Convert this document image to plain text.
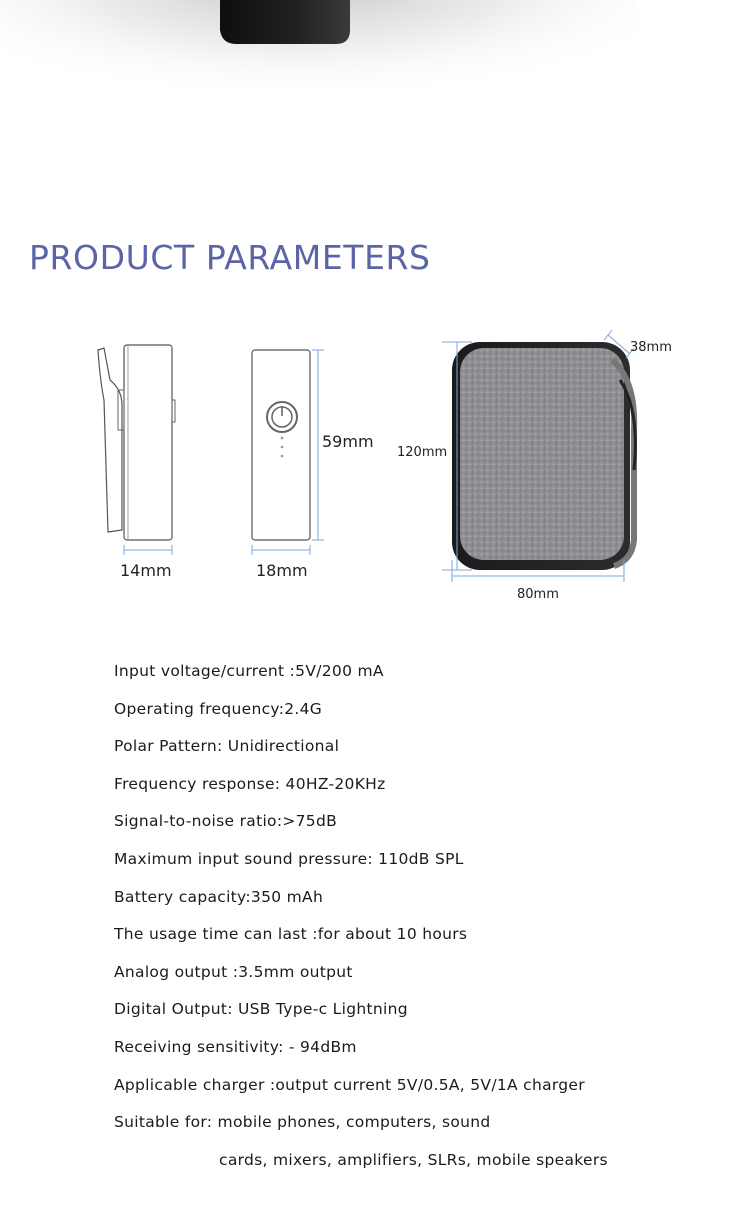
PRODUCT PARAMETERS
14mm	18mm
59mm
38mm
120mm
80mm
Input voltage/current :5V/200 mA
Operating frequency:2.4G
Polar Pattern: Unidirectional
Frequency response: 40HZ-20KHz
Signal-to-noise ratio:>75dB
Maximum input sound pressure: 110dB SPL
Battery capacity:350 mAh
The usage time can last :for about 10 hours
Analog output :3.5mm output
Digital Output: USB Type-c Lightning
Receiving sensitivity: - 94dBm
Applicable charger :output current 5V/0.5A, 5V/1A charger
Suitable for: mobile phones, computers, sound
cards, mixers, amplifiers, SLRs, mobile speakers
